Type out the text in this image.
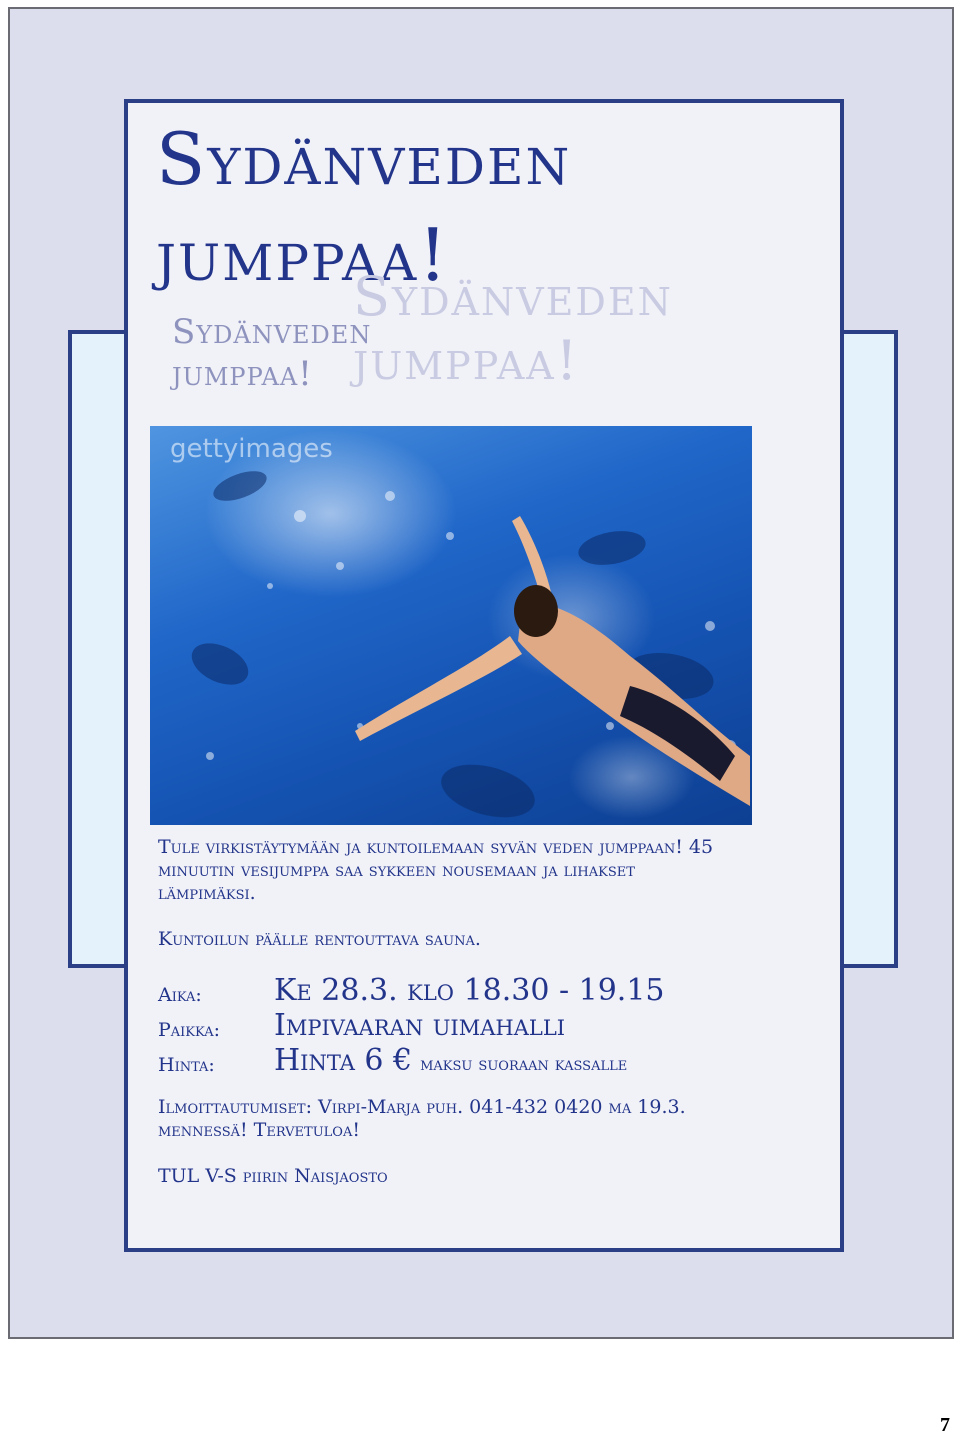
Sydänveden
jumppaa!

Sydänveden
jumppaa!

Sydänveden
jumppaa!

gettyimages

Tule virkistäytymään ja kuntoilemaan syvän veden jumppaan! 45 minuutin vesijumppa saa sykkeen nousemaan ja lihakset lämpimäksi.

Kuntoilun päälle rentouttava sauna.

Aika: Ke 28.3. klo 18.30 - 19.15
Paikka: Impivaaran uimahalli
Hinta: Hinta 6 € maksu suoraan kassalle

Ilmoittautumiset: Virpi-Marja puh. 041-432 0420 ma 19.3. mennessä! Tervetuloa!

TUL V-S piirin Naisjaosto

7
